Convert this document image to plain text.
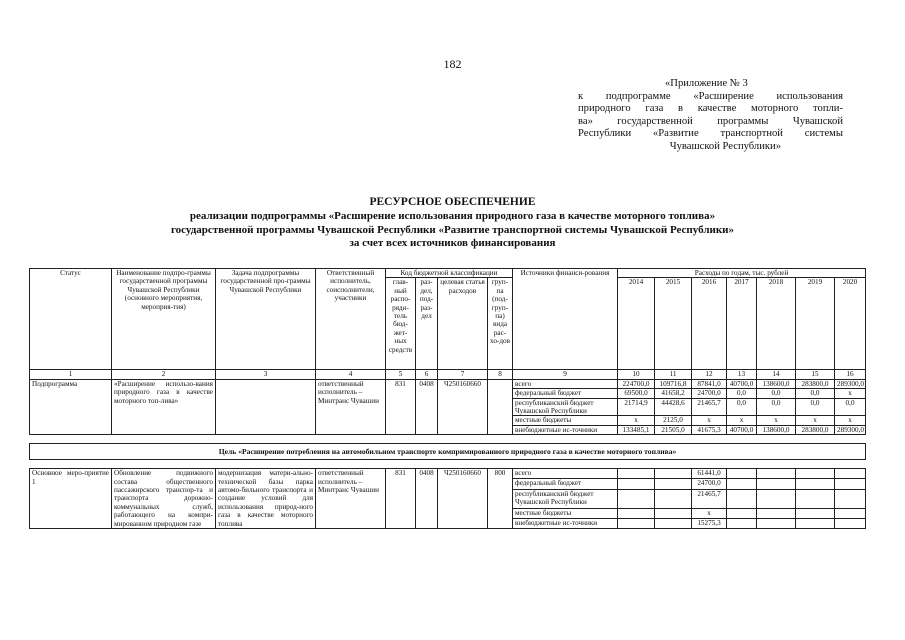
182
«Приложение № 3
к подпрограмме «Расширение использования
природного газа в качестве моторного топли-
ва» государственной программы Чувашской
Республики «Развитие транспортной системы
Чувашской Республики»
РЕСУРСНОЕ ОБЕСПЕЧЕНИЕ
реализации подпрограммы «Расширение использования природного газа в качестве моторного топлива»
государственной программы Чувашской Республики «Развитие транспортной системы Чувашской Республики»
за счет всех источников финансирования
Статус	Наименование подпро-граммы государственной программы Чувашской Республики (основного мероприятия, мероприя-тия)	Задача подпрограммы государственной про-граммы Чувашской Республики	Ответственный исполнитель, соисполнители, участники	Код бюджетной классификации				Источники финанси-рования	Расходы по годам, тыс. рублей						
				глав-ный распо-ряди-тель бюд-жет-ных средств	раз-дел, под-раз-дел	целевая статья расходов	груп-па (под-груп-па) вида рас-хо-дов		2014	2015	2016	2017	2018	2019	2020
1	2	3	4	5	6	7	8	9	10	11	12	13	14	15	16
Подпрограмма	«Расширение использо-вания природного газа в качестве моторного топ-лива»		ответственный исполнитель – Минтранс Чувашии	831	0408	Ч250160660		всего	224700,0	109716,8	87841,0	40700,0	138600,0	283800,0	289300,0
								федеральный бюджет	69500,0	41658,2	24700,0	0,0	0,0	0,0	х
								республиканский бюджет Чувашской Республики	21714,9	44428,6	21465,7	0,0	0,0	0,0	0,0
								местные бюджеты	х	2125,0	х	х	х	х	х
								внебюджетные ис-точники	133485,1	21505,0	41675,3	40700,0	138600,0	283800,0	289300,0

Цель «Расширение потребления на автомобильном транспорте компримированного природного газа в качестве моторного топлива»															

Основное меро-приятие 1	Обновление подвижного состава общественного пассажирского транспор-та и транспорта дорожно-коммунальных служб, работающего на компри-мированном природном газе	модернизация матери-ально-технической базы парка автомо-бильного транспорта и создание условий для использования природ-ного газа в качестве моторного топлива	ответственный исполнитель – Минтранс Чувашии	831	0408	Ч250160660	800	всего			61441,0				
								федеральный бюджет			24700,0				
								республиканский бюджет Чувашской Республики			21465,7				
								местные бюджеты			х				
								внебюджетные ис-точники			15275,3				
